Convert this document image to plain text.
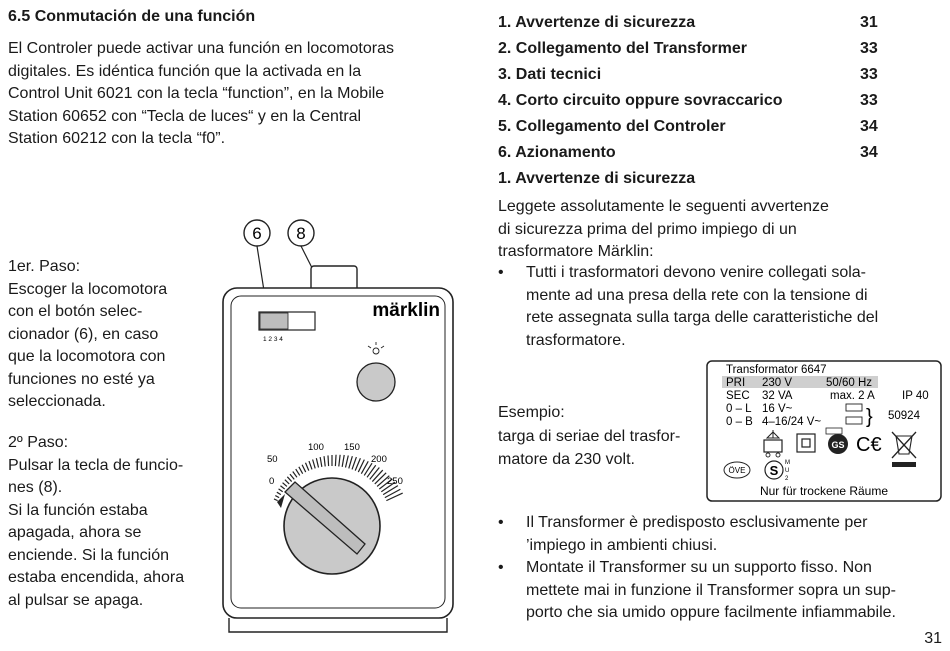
6.5 Conmutación de una función
El Controler puede activar una función en locomotoras
digitales. Es idéntica función que la activada en la
Control Unit 6021 con la tecla “function”, en la Mobile
Station 60652 con “Tecla de luces“ y en la Central
Station 60212 con la tecla “f0”.
1er. Paso:
Escoger la locomotora
con el botón selec-
cionador (6), en caso
que la locomotora con
funciones no esté ya
seleccionada.
2º Paso:
Pulsar la tecla de funcio-
nes (8).
Si la función estaba
apagada, ahora se
enciende. Si la función
estaba encendida, ahora
al pulsar se apaga.
6 8
märklin
1 2 3 4
0
50
100 150
200
250
1. Avvertenze di sicurezza	31
2. Collegamento del Transformer	33
3. Dati tecnici	33
4. Corto circuito oppure sovraccarico	33
5. Collegamento del Controler	34
6. Azionamento	34
1. Avvertenze di sicurezza
Leggete assolutamente le seguenti avvertenze
di sicurezza prima del primo impiego di un
trasformatore Märklin:
•	Tutti i trasformatori devono venire collegati sola-
mente ad una presa della rete con la tensione di
rete assegnata sulla targa delle caratteristiche del
trasformatore.
Esempio:
targa di seriae del trasfor-
matore da 230 volt.
Transformator 6647
PRI 230 V	50/60 Hz
SEC 32 VA	max. 2 A IP 40
0 – L 16 V~
0 – B 4–16/24 V~ } 50924
GS C€
ÖVE S M
U
2
Nur für trockene Räume
•	Il Transformer è predisposto esclusivamente per
’impiego in ambienti chiusi.
•	Montate il Transformer su un supporto fisso. Non
mettete mai in funzione il Transformer sopra un sup-
porto che sia umido oppure facilmente infiammabile.
31
